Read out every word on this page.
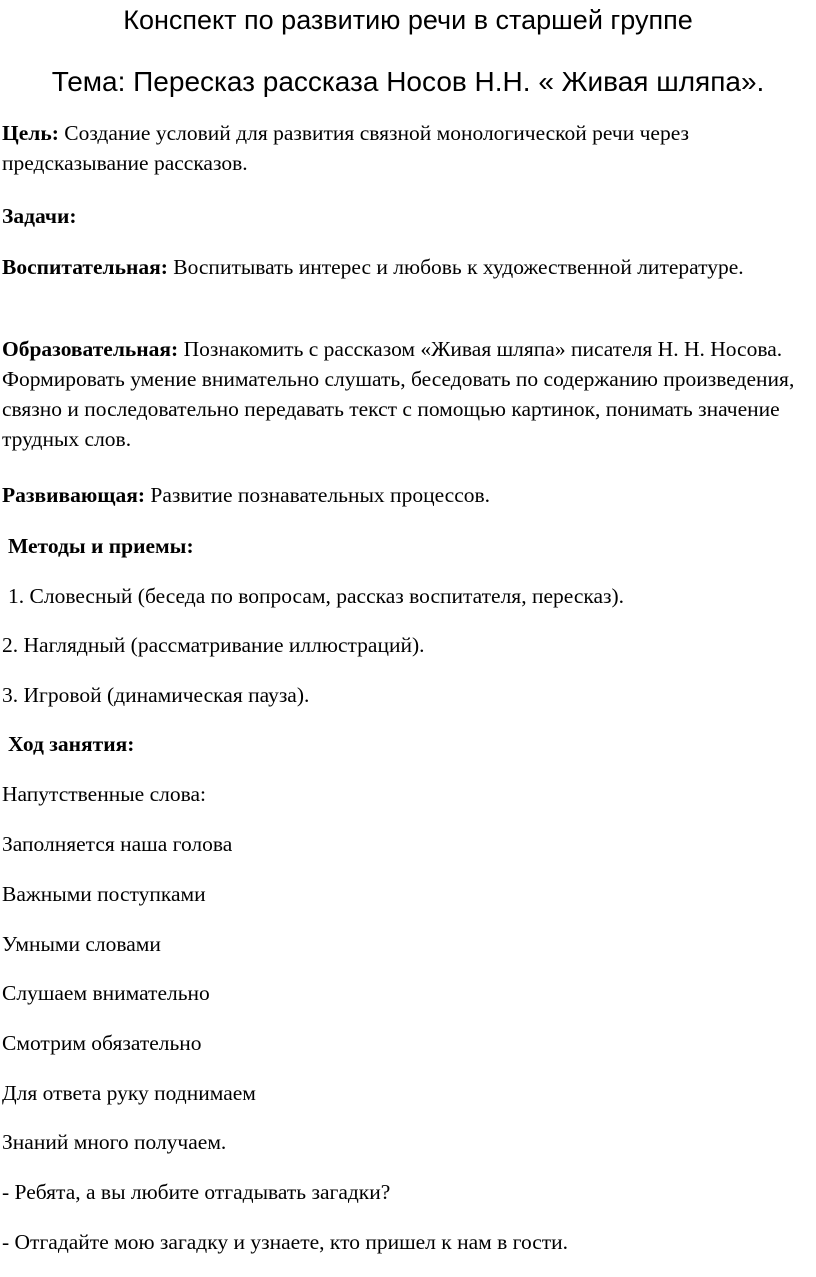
Конспект по развитию речи в старшей группе
Тема: Пересказ рассказа Носов Н.Н. « Живая шляпа».
Цель: Создание условий для развития связной монологической речи через предсказывание рассказов.
Задачи:
Воспитательная: Воспитывать интерес и любовь к художественной литературе.
Образовательная: Познакомить с рассказом «Живая шляпа» писателя Н. Н. Носова. Формировать умение внимательно слушать, беседовать по содержанию произведения, связно и последовательно передавать текст с помощью картинок, понимать значение трудных слов.
Развивающая: Развитие познавательных процессов.
Методы и приемы:
1. Словесный (беседа по вопросам, рассказ воспитателя, пересказ).
2. Наглядный (рассматривание иллюстраций).
3. Игровой (динамическая пауза).
Ход занятия:
Напутственные слова:
Заполняется наша голова
Важными поступками
Умными словами
Слушаем внимательно
Смотрим обязательно
Для ответа руку поднимаем
Знаний много получаем.
- Ребята, а вы любите отгадывать загадки?
- Отгадайте мою загадку и узнаете, кто пришел к нам в гости.
